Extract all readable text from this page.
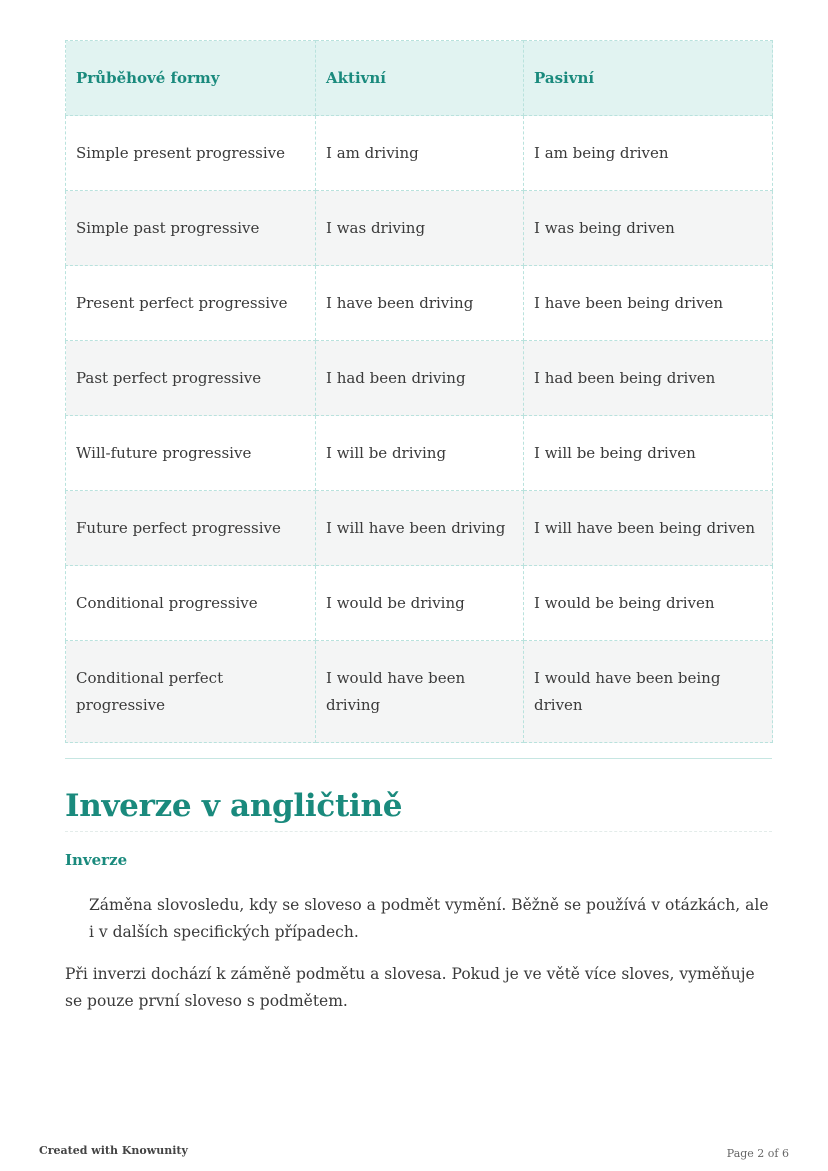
Průběhové formy	Aktivní	Pasivní
Simple present progressive	I am driving	I am being driven
Simple past progressive	I was driving	I was being driven
Present perfect progressive	I have been driving	I have been being driven
Past perfect progressive	I had been driving	I had been being driven
Will-future progressive	I will be driving	I will be being driven
Future perfect progressive	I will have been driving	I will have been being driven
Conditional progressive	I would be driving	I would be being driven
Conditional perfect progressive	I would have been driving	I would have been being driven
Inverze v angličtině
Inverze

Záměna slovosledu, kdy se sloveso a podmět vymění. Běžně se používá v otázkách, ale i v dalších specifických případech.

Při inverzi dochází k záměně podmětu a slovesa. Pokud je ve větě více sloves, vyměňuje se pouze první sloveso s podmětem.

Created with Knowunity	Page 2 of 6
